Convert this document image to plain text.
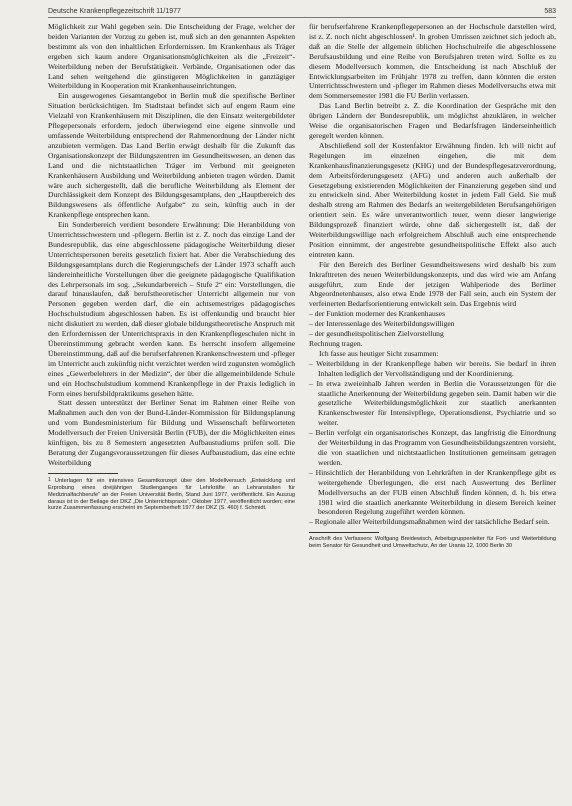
Deutsche Krankenpflegezeitschrift 11/1977	583

Möglichkeit zur Wahl gegeben sein. Die Entscheidung der Frage, welcher der beiden Varianten der Vorzug zu geben ist, muß sich an den genannten Aspekten bestimmt als von den inhaltlichen Erfordernissen. Im Krankenhaus als Träger ergeben sich kaum andere Organisationsmöglichkeiten als die „Freizeit“-Weiterbildung neben der Berufstätigkeit. Verbände, Organisationen oder das Land sehen weitgehend die günstigeren Möglichkeiten in ganztägiger Weiterbildung in Kooperation mit Krankenhauseinrichtungen.

Ein ausgewogenes Gesamtangebot in Berlin muß die spezifische Berliner Situation berücksichtigen. Im Stadtstaat befindet sich auf engem Raum eine Vielzahl von Krankenhäusern mit Disziplinen, die den Einsatz weitergebildeter Pflegepersonals erfordern, jedoch überwiegend eine eigene sinnvolle und umfassende Weiterbildung entsprechend der Rahmenordnung der Länder nicht anzubieten vermögen. Das Land Berlin erwägt deshalb für die Zukunft das Organisationskonzept der Bildungszentren im Gesundheitswesen, an denen das Land und die nichtstaatlichen Träger im Verbund mit geeigneten Krankenhäusern Ausbildung und Weiterbildung anbieten tragen würden. Damit wäre auch sichergestellt, daß die berufliche Weiterbildung als Element der Durchlässigkeit dem Konzept des Bildungsgesamtplans, den „Hauptbereich des Bildungswesens als öffentliche Aufgabe“ zu sein, künftig auch in der Krankenpflege entsprechen kann.

Ein Sonderbereich verdient besondere Erwähnung: Die Heranbildung von Unterrichtsschwestern und -pflegern. Berlin ist z. Z. noch das einzige Land der Bundesrepublik, das eine abgeschlossene pädagogische Weiterbildung dieser Unterrichtspersonen bereits gesetzlich fixiert hat. Aber die Verabschiedung des Bildungsgesamtplans durch die Regierungschefs der Länder 1973 schafft auch ländereinheitliche Vorstellungen über die geeignete pädagogische Qualifikation des Lehrpersonals im sog. „Sekundarbereich – Stufe 2“ ein: Vorstellungen, die darauf hinauslaufen, daß berufstheoretischer Unterricht allgemein nur von Personen gegeben werden darf, die ein achtsemestriges pädagogisches Hochschulstudium abgeschlossen haben. Es ist offenkundig und braucht hier nicht diskutiert zu werden, daß dieser globale bildungstheoretische Anspruch mit den Erfordernissen der Unterrichtspraxis in den Krankenpflegeschulen nicht in Übereinstimmung gebracht werden kann. Es herrscht insofern allgemeine Übereinstimmung, daß auf die berufserfahrenen Krankenschwestern und -pfleger im Unterricht auch zukünftig nicht verzichtet werden wird zugunsten womöglich eines „Gewerbelehrers in der Medizin“, der über die allgemeinbildende Schule und ein Hochschulstudium kommend Krankenpflege in der Praxis lediglich in Form eines berufsbildpraktikums gesehen hätte.

Statt dessen unterstützt der Berliner Senat im Rahmen einer Reihe von Maßnahmen auch den von der Bund-Länder-Kommission für Bildungsplanung und vom Bundesministerium für Bildung und Wissenschaft befürworteten Modellversuch der Freien Universität Berlin (FUB), der die Möglichkeiten eines künftigen, bis zu 8 Semestern angesetzten Aufbaustudiums prüfen soll. Die Beratung der Zugangsvoraussetzungen für dieses Aufbaustudium, das eine echte Weiterbildung

1 Unterlagen für ein intensives Gesamtkonzept über den Modellversuch „Entwicklung und Erprobung eines dreijährigen Studienganges für Lehrkräfte an Lehranstalten für Medizinalfachberufe“ an der Freien Universität Berlin, Stand Juni 1977, veröffentlicht. Ein Auszug daraus ist in der Beilage der DKZ „Die Unterrichtspraxis“, Oktober 1977, veröffentlicht worden; eine kurze Zusammenfassung erscheint im Septemberheft 1977 der DKZ (S. 460) f. Schmidt.

für berufserfahrene Krankenpflegepersonen an der Hochschule darstellen wird, ist z. Z. noch nicht abgeschlossen¹. In groben Umrissen zeichnet sich jedoch ab, daß an die Stelle der allgemein üblichen Hochschulreife die abgeschlossene Berufsausbildung und eine Reihe von Berufsjahren treten wird. Sollte es zu diesem Modellversuch kommen, die Entscheidung ist nach Abschluß der Entwicklungsarbeiten im Frühjahr 1978 zu treffen, dann könnten die ersten Unterrichtsschwestern und -pfleger im Rahmen dieses Modellversuchs etwa mit dem Sommersemester 1981 die FU Berlin verlassen.

Das Land Berlin betreibt z. Z. die Koordination der Gespräche mit den übrigen Ländern der Bundesrepublik, um möglichst abzuklären, in welcher Weise die organisatorischen Fragen und Bedarfsfragen länderseinheitlich geregelt werden können.

Abschließend soll der Kostenfaktor Erwähnung finden. Ich will nicht auf Regelungen im einzelnen eingehen, die mit dem Krankenhausfinanzierungsgesetz (KHG) und der Bundespflegesatzverordnung, dem Arbeitsförderungsgesetz (AFG) und anderen auch außerhalb der Gesetzgebung existierenden Möglichkeiten der Finanzierung gegeben sind und zu entwickeln sind. Aber Weiterbildung kostet in jedem Fall Geld. Sie muß deshalb streng am Rahmen des Bedarfs an weitergebildeten Berufsangehörigen orientiert sein. Es wäre unverantwortlich teuer, wenn dieser langwierige Bildungsprozeß finanziert würde, ohne daß sichergestellt ist, daß der Weiterbildungswillige nach erfolgreichem Abschluß auch eine entsprechende Position einnimmt, der angestrebte gesundheitspolitische Effekt also auch eintreten kann.

Für den Bereich des Berliner Gesundheitswesens wird deshalb bis zum Inkrafttreten des neuen Weiterbildungskonzepts, und das wird wie am Anfang ausgeführt, zum Ende der jetzigen Wahlperiode des Berliner Abgeordnetenhauses, also etwa Ende 1978 der Fall sein, auch ein System der verfeinerten Bedarfsorientierung entwickelt sein. Das Ergebnis wird

– der Funktion moderner des Krankenhauses
– der Interessenlage des Weiterbildungswilligen
– der gesundheitspolitischen Zielvorstellung

Rechnung tragen.

Ich fasse aus heutiger Sicht zusammen:

– Weiterbildung in der Krankenpflege haben wir bereits. Sie bedarf in ihren Inhalten lediglich der Vervollständigung und der Koordinierung.
– In etwa zweieinhalb Jahren werden in Berlin die Voraussetzungen für die staatliche Anerkennung der Weiterbildung gegeben sein. Damit haben wir die gesetzliche Weiterbildungsmöglichkeit zur staatlich anerkannten Krankenschwester für Intensivpflege, Operationsdienst, Psychiatrie und so weiter.
– Berlin verfolgt ein organisatorisches Konzept, das langfristig die Einordnung der Weiterbildung in das Programm von Gesundheitsbildungszentren vorsieht, die von staatlichen und nichtstaatlichen Institutionen gemeinsam getragen werden.
– Hinsichtlich der Heranbildung von Lehrkräften in der Krankenpflege gibt es weitergehende Überlegungen, die erst nach Auswertung des Berliner Modellversuchs an der FUB einen Abschluß finden können, d. h. bis etwa 1981 wird die staatlich anerkannte Weiterbildung in diesem Bereich keiner besonderen Regelung zugeführt werden können.
– Regionale aller Weiterbildungsmaßnahmen wird der tatsächliche Bedarf sein.
Anschrift des Verfassers: Wolfgang Breidewisch, Arbeitsgruppenleiter für Fort- und Weiterbildung beim Senator für Gesundheit und Umweltschutz, An der Urania 12, 1000 Berlin 30
